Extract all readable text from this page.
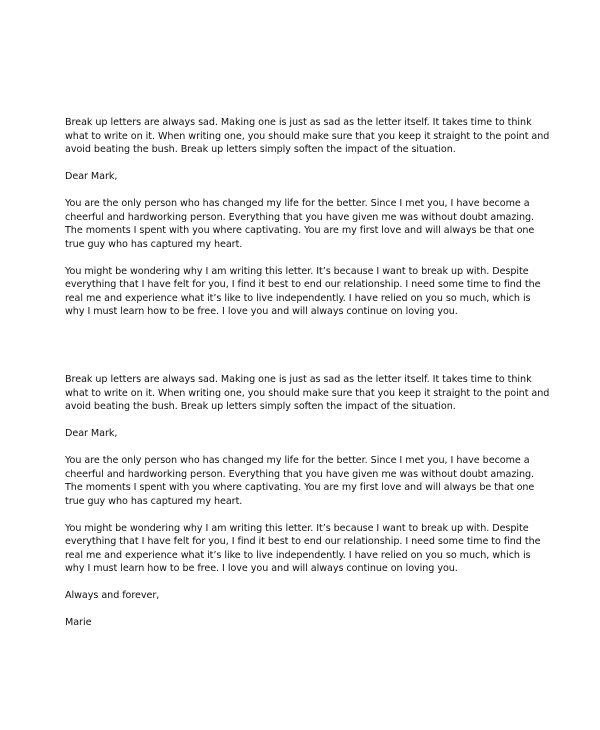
Break up letters are always sad. Making one is just as sad as the letter itself. It takes time to think what to write on it. When writing one, you should make sure that you keep it straight to the point and avoid beating the bush. Break up letters simply soften the impact of the situation.

Dear Mark,

You are the only person who has changed my life for the better. Since I met you, I have become a cheerful and hardworking person. Everything that you have given me was without doubt amazing. The moments I spent with you where captivating. You are my first love and will always be that one true guy who has captured my heart.

You might be wondering why I am writing this letter. It’s because I want to break up with. Despite everything that I have felt for you, I find it best to end our relationship. I need some time to find the real me and experience what it’s like to live independently. I have relied on you so much, which is why I must learn how to be free. I love you and will always continue on loving you.

Break up letters are always sad. Making one is just as sad as the letter itself. It takes time to think what to write on it. When writing one, you should make sure that you keep it straight to the point and avoid beating the bush. Break up letters simply soften the impact of the situation.

Dear Mark,

You are the only person who has changed my life for the better. Since I met you, I have become a cheerful and hardworking person. Everything that you have given me was without doubt amazing. The moments I spent with you where captivating. You are my first love and will always be that one true guy who has captured my heart.

You might be wondering why I am writing this letter. It’s because I want to break up with. Despite everything that I have felt for you, I find it best to end our relationship. I need some time to find the real me and experience what it’s like to live independently. I have relied on you so much, which is why I must learn how to be free. I love you and will always continue on loving you.

Always and forever,

Marie
